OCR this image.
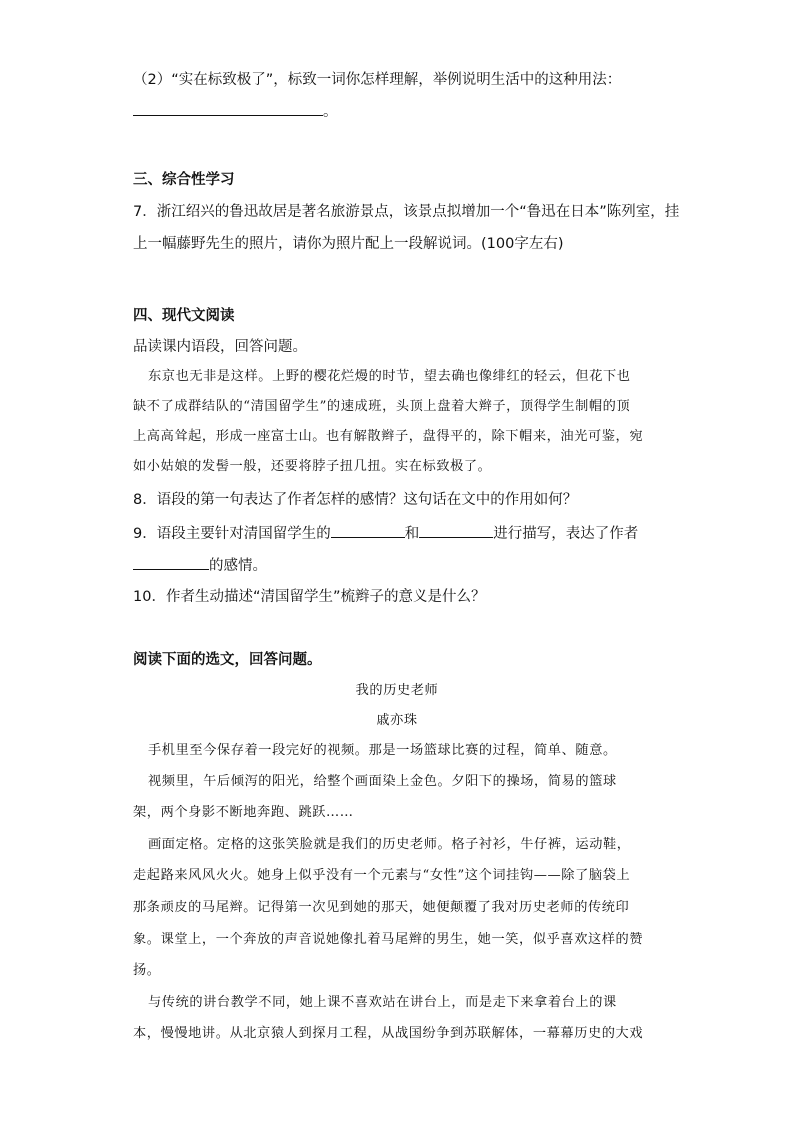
（2）“实在标致极了”，标致一词你怎样理解，举例说明生活中的这种用法：
。
三、综合性学习
7．浙江绍兴的鲁迅故居是著名旅游景点，该景点拟增加一个“鲁迅在日本”陈列室，挂
上一幅藤野先生的照片，请你为照片配上一段解说词。(100字左右)
四、现代文阅读
品读课内语段，回答问题。
东京也无非是这样。上野的樱花烂熳的时节，望去确也像绯红的轻云，但花下也
缺不了成群结队的“清国留学生”的速成班，头顶上盘着大辫子，顶得学生制帽的顶
上高高耸起，形成一座富士山。也有解散辫子，盘得平的，除下帽来，油光可鉴，宛
如小姑娘的发髻一般，还要将脖子扭几扭。实在标致极了。
8．语段的第一句表达了作者怎样的感情？这句话在文中的作用如何？
9．语段主要针对清国留学生的	和	进行描写，表达了作者
的感情。
10．作者生动描述“清国留学生”梳辫子的意义是什么？
阅读下面的选文，回答问题。
我的历史老师
戚亦珠
手机里至今保存着一段完好的视频。那是一场篮球比赛的过程，简单、随意。
视频里，午后倾泻的阳光，给整个画面染上金色。夕阳下的操场，简易的篮球
架，两个身影不断地奔跑、跳跃……
画面定格。定格的这张笑脸就是我们的历史老师。格子衬衫，牛仔裤，运动鞋，
走起路来风风火火。她身上似乎没有一个元素与“女性”这个词挂钩——除了脑袋上
那条顽皮的马尾辫。记得第一次见到她的那天，她便颠覆了我对历史老师的传统印
象。课堂上，一个奔放的声音说她像扎着马尾辫的男生，她一笑，似乎喜欢这样的赞
扬。
与传统的讲台教学不同，她上课不喜欢站在讲台上，而是走下来拿着台上的课
本，慢慢地讲。从北京猿人到探月工程，从战国纷争到苏联解体，一幕幕历史的大戏
